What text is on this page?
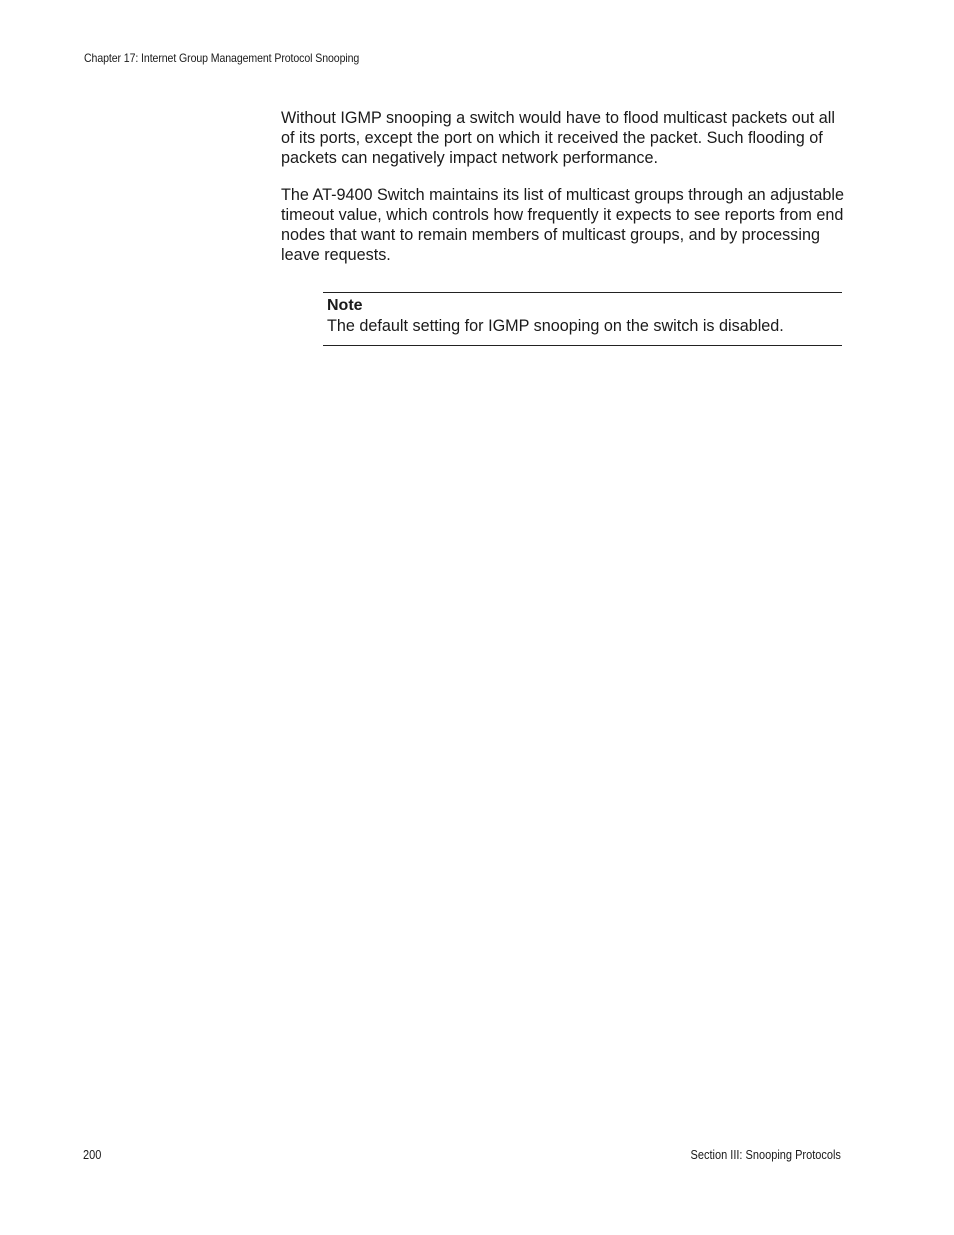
Chapter 17: Internet Group Management Protocol Snooping

Without IGMP snooping a switch would have to flood multicast packets out all of its ports, except the port on which it received the packet. Such flooding of packets can negatively impact network performance.

The AT-9400 Switch maintains its list of multicast groups through an adjustable timeout value, which controls how frequently it expects to see reports from end nodes that want to remain members of multicast groups, and by processing leave requests.

Note
The default setting for IGMP snooping on the switch is disabled.
200	Section III: Snooping Protocols
